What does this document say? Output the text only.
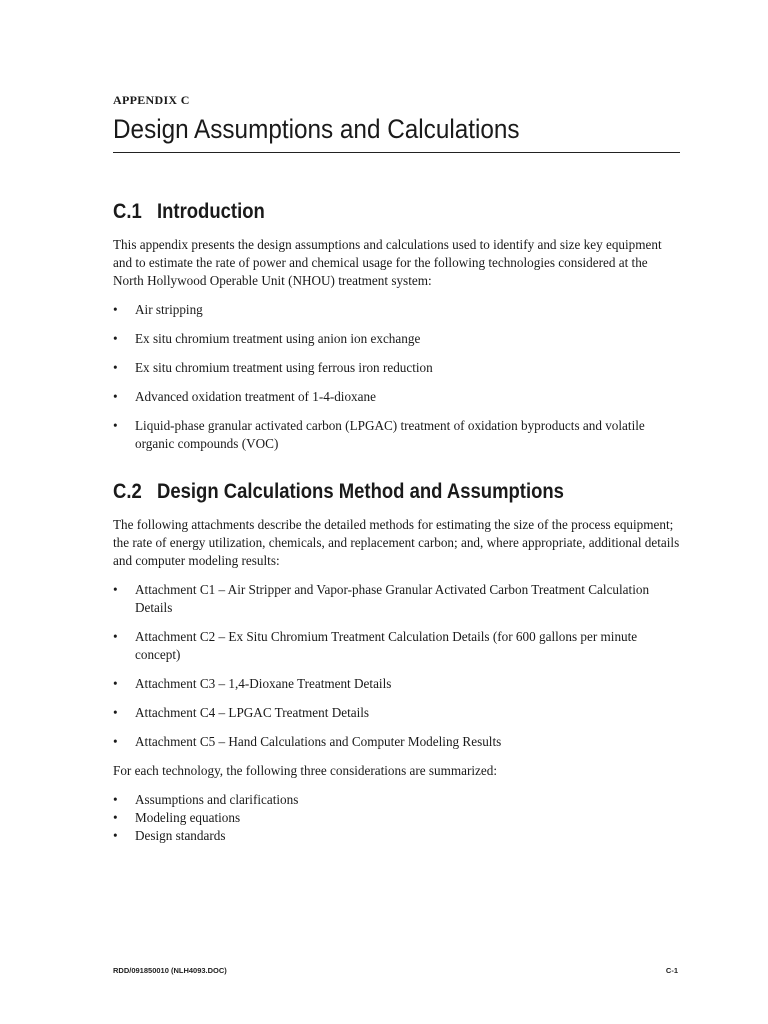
APPENDIX C

Design Assumptions and Calculations
C.1 Introduction

This appendix presents the design assumptions and calculations used to identify and size key equipment and to estimate the rate of power and chemical usage for the following technologies considered at the North Hollywood Operable Unit (NHOU) treatment system:

• Air stripping
• Ex situ chromium treatment using anion ion exchange
• Ex situ chromium treatment using ferrous iron reduction
• Advanced oxidation treatment of 1-4-dioxane
• Liquid-phase granular activated carbon (LPGAC) treatment of oxidation byproducts and volatile organic compounds (VOC)
C.2 Design Calculations Method and Assumptions

The following attachments describe the detailed methods for estimating the size of the process equipment; the rate of energy utilization, chemicals, and replacement carbon; and, where appropriate, additional details and computer modeling results:

• Attachment C1 – Air Stripper and Vapor-phase Granular Activated Carbon Treatment Calculation Details
• Attachment C2 – Ex Situ Chromium Treatment Calculation Details (for 600 gallons per minute concept)
• Attachment C3 – 1,4-Dioxane Treatment Details
• Attachment C4 – LPGAC Treatment Details
• Attachment C5 – Hand Calculations and Computer Modeling Results

For each technology, the following three considerations are summarized:

• Assumptions and clarifications
• Modeling equations
• Design standards
RDD/091850010 (NLH4093.DOC)	C-1
